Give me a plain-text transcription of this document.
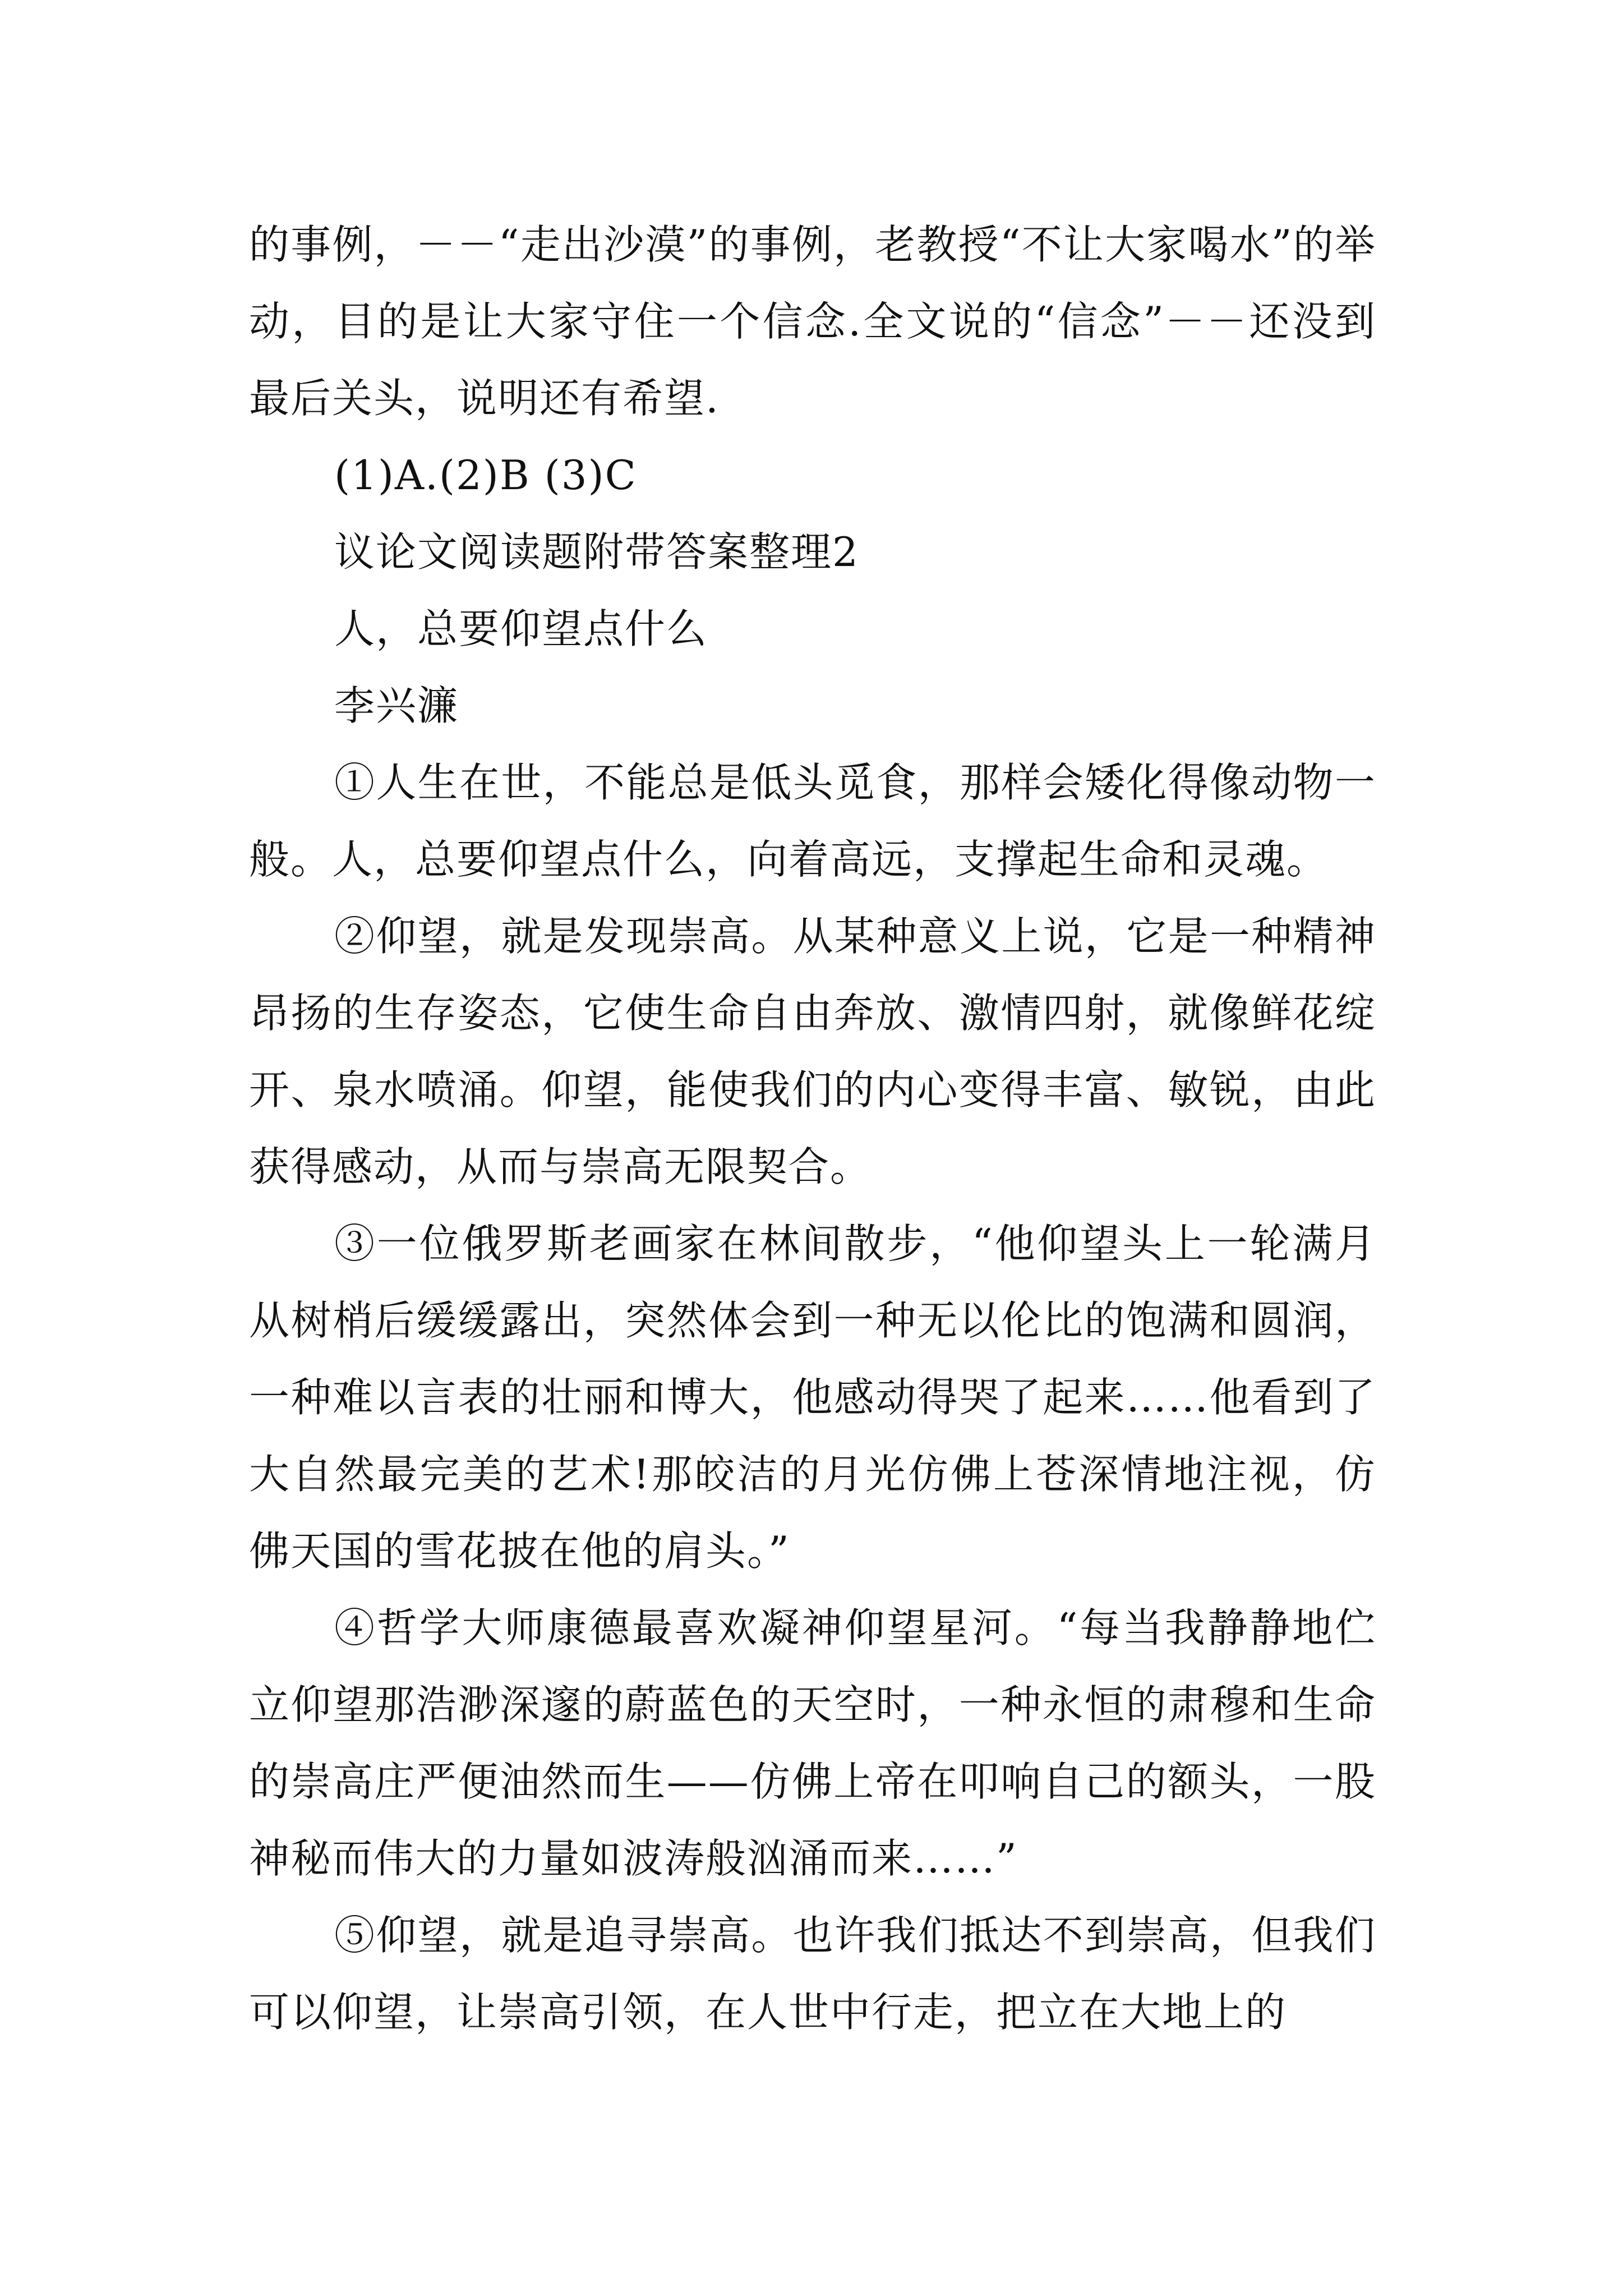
的事例，－－“走出沙漠”的事例，老教授“不让大家喝水”的举动，目的是让大家守住一个信念.全文说的“信念”－－还没到最后关头，说明还有希望.

(1)A.(2)B (3)C

议论文阅读题附带答案整理2

人，总要仰望点什么

李兴濂

①人生在世，不能总是低头觅食，那样会矮化得像动物一般。人，总要仰望点什么，向着高远，支撑起生命和灵魂。

②仰望，就是发现崇高。从某种意义上说，它是一种精神昂扬的生存姿态，它使生命自由奔放、激情四射，就像鲜花绽开、泉水喷涌。仰望，能使我们的内心变得丰富、敏锐，由此获得感动，从而与崇高无限契合。

③一位俄罗斯老画家在林间散步，“他仰望头上一轮满月从树梢后缓缓露出，突然体会到一种无以伦比的饱满和圆润，一种难以言表的壮丽和博大，他感动得哭了起来……他看到了大自然最完美的艺术!那皎洁的月光仿佛上苍深情地注视，仿佛天国的雪花披在他的肩头。”

④哲学大师康德最喜欢凝神仰望星河。“每当我静静地伫立仰望那浩渺深邃的蔚蓝色的天空时，一种永恒的肃穆和生命的崇高庄严便油然而生——仿佛上帝在叩响自己的额头，一股神秘而伟大的力量如波涛般汹涌而来……”

⑤仰望，就是追寻崇高。也许我们抵达不到崇高，但我们可以仰望，让崇高引领，在人世中行走，把立在大地上的
